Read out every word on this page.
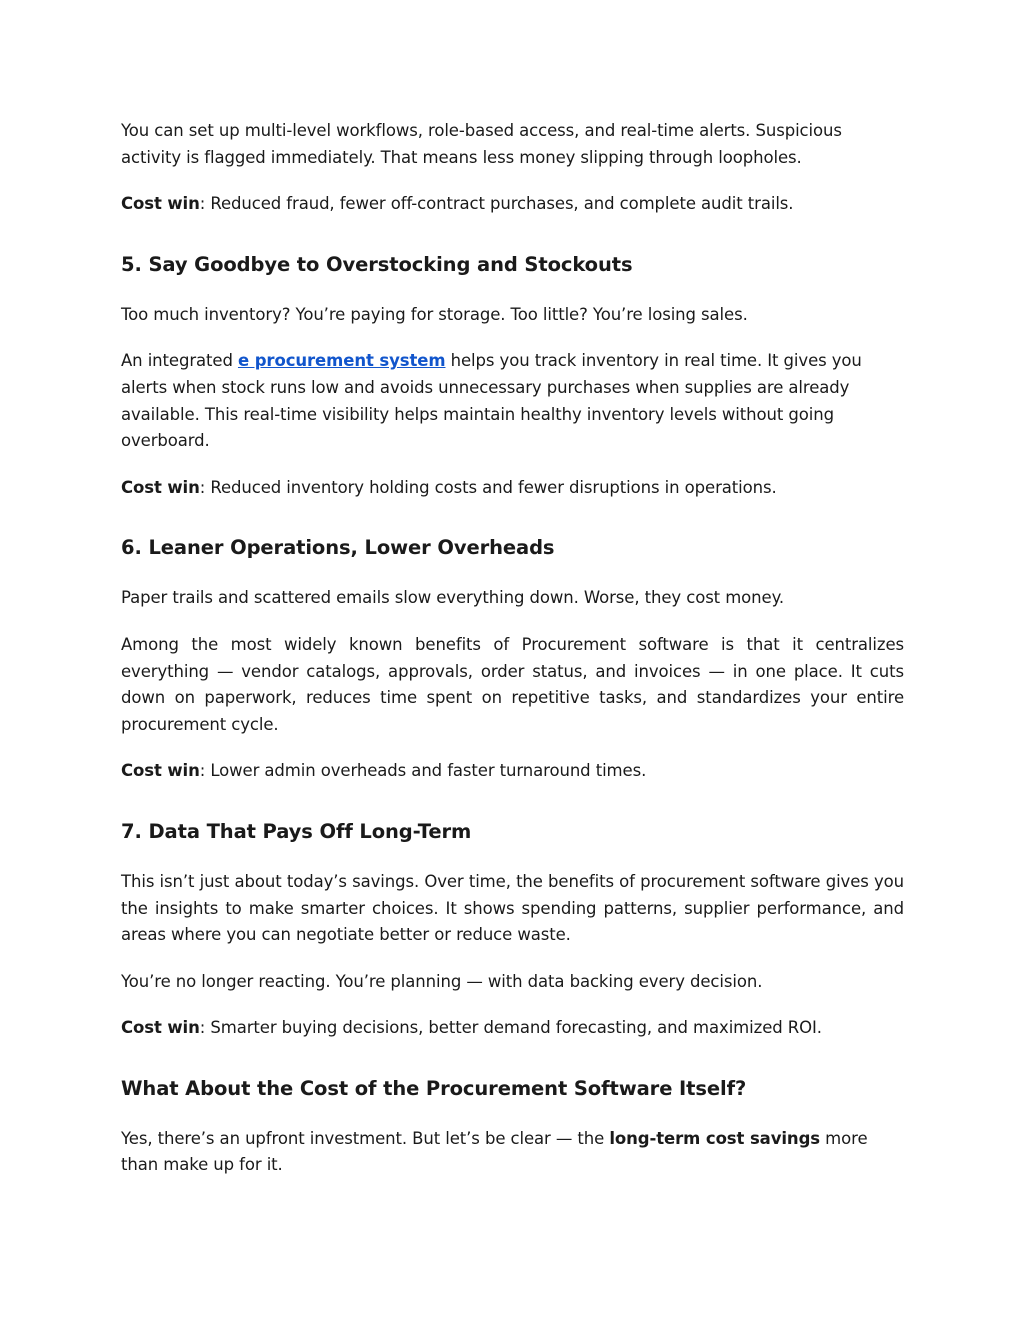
You can set up multi-level workflows, role-based access, and real-time alerts. Suspicious activity is flagged immediately. That means less money slipping through loopholes.

Cost win: Reduced fraud, fewer off-contract purchases, and complete audit trails.

5. Say Goodbye to Overstocking and Stockouts

Too much inventory? You’re paying for storage. Too little? You’re losing sales.

An integrated e procurement system helps you track inventory in real time. It gives you alerts when stock runs low and avoids unnecessary purchases when supplies are already available. This real-time visibility helps maintain healthy inventory levels without going overboard.

Cost win: Reduced inventory holding costs and fewer disruptions in operations.

6. Leaner Operations, Lower Overheads

Paper trails and scattered emails slow everything down. Worse, they cost money.

Among the most widely known benefits of Procurement software is that it centralizes everything — vendor catalogs, approvals, order status, and invoices — in one place. It cuts down on paperwork, reduces time spent on repetitive tasks, and standardizes your entire procurement cycle.

Cost win: Lower admin overheads and faster turnaround times.

7. Data That Pays Off Long-Term

This isn’t just about today’s savings. Over time, the benefits of procurement software gives you the insights to make smarter choices. It shows spending patterns, supplier performance, and areas where you can negotiate better or reduce waste.

You’re no longer reacting. You’re planning — with data backing every decision.

Cost win: Smarter buying decisions, better demand forecasting, and maximized ROI.

What About the Cost of the Procurement Software Itself?

Yes, there’s an upfront investment. But let’s be clear — the long-term cost savings more than make up for it.
